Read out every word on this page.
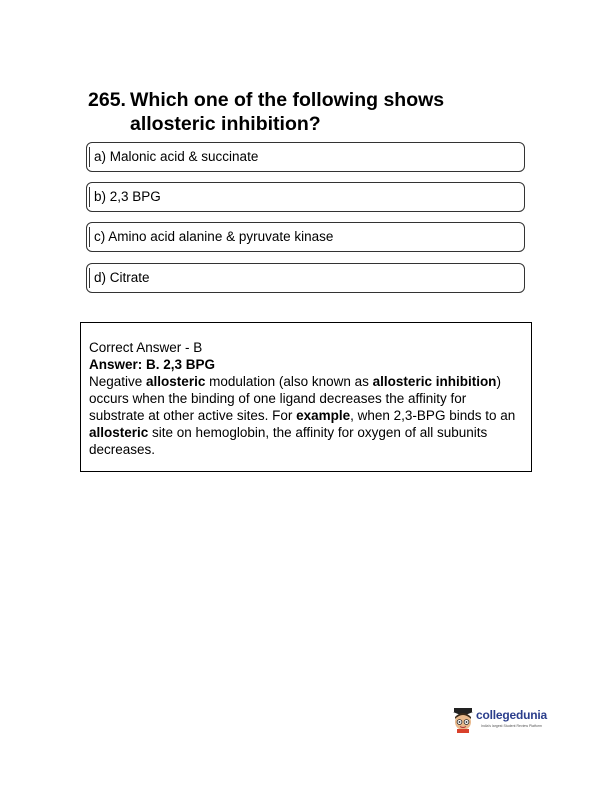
265. Which one of the following shows
allosteric inhibition?
a) Malonic acid & succinate
b) 2,3 BPG
c) Amino acid alanine & pyruvate kinase
d) Citrate
Correct Answer - B
Answer: B. 2,3 BPG
Negative allosteric modulation (also known as allosteric inhibition) occurs when the binding of one ligand decreases the affinity for substrate at other active sites. For example, when 2,3-BPG binds to an allosteric site on hemoglobin, the affinity for oxygen of all subunits decreases.
collegedunia
India's largest Student Review Platform
